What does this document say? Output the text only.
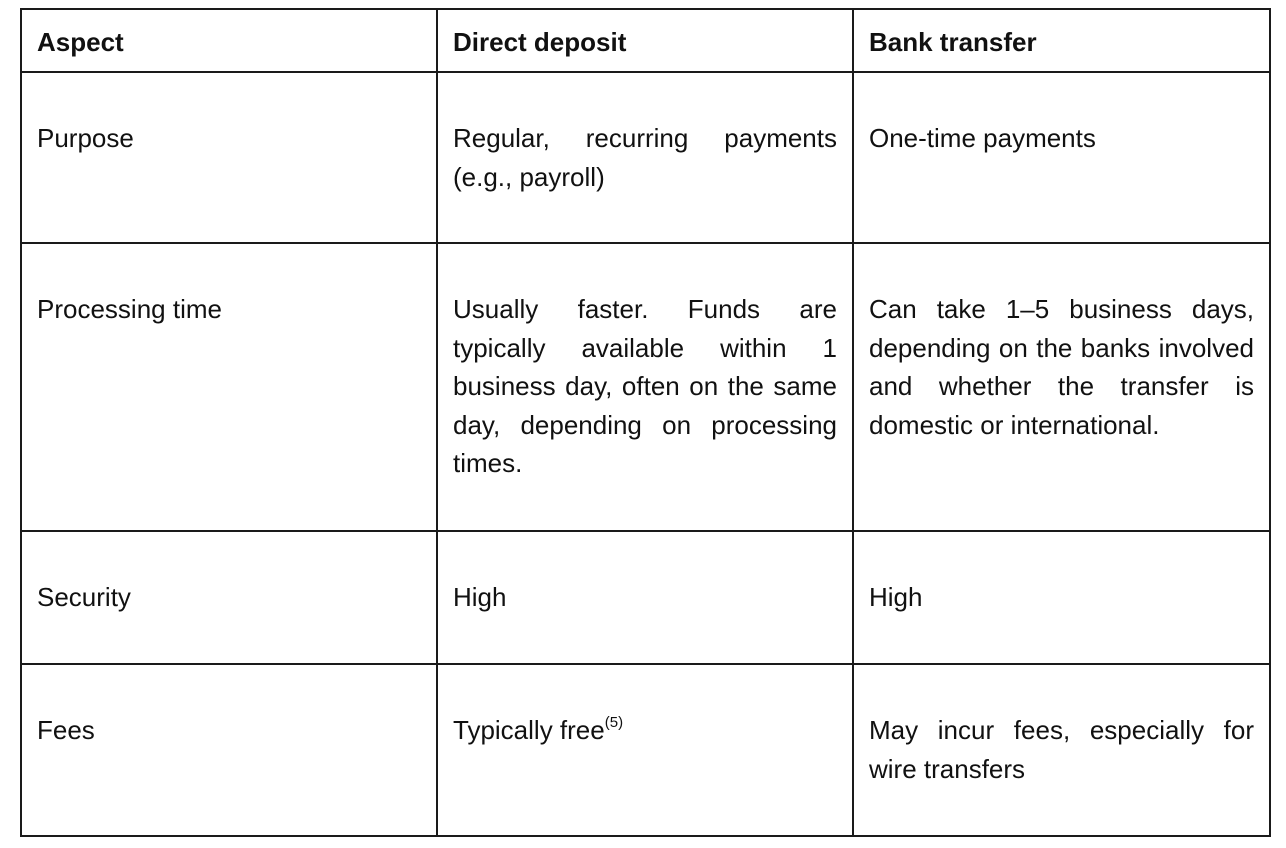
Aspect	Direct deposit	Bank transfer
Purpose	Regular, recurring payments (e.g., payroll)	One-time payments
Processing time	Usually faster. Funds are typically available within 1 business day, often on the same day, depending on processing times.	Can take 1–5 business days, depending on the banks involved and whether the transfer is domestic or international.
Security	High	High
Fees	Typically free$^{(5)}$	May incur fees, especially for wire transfers
